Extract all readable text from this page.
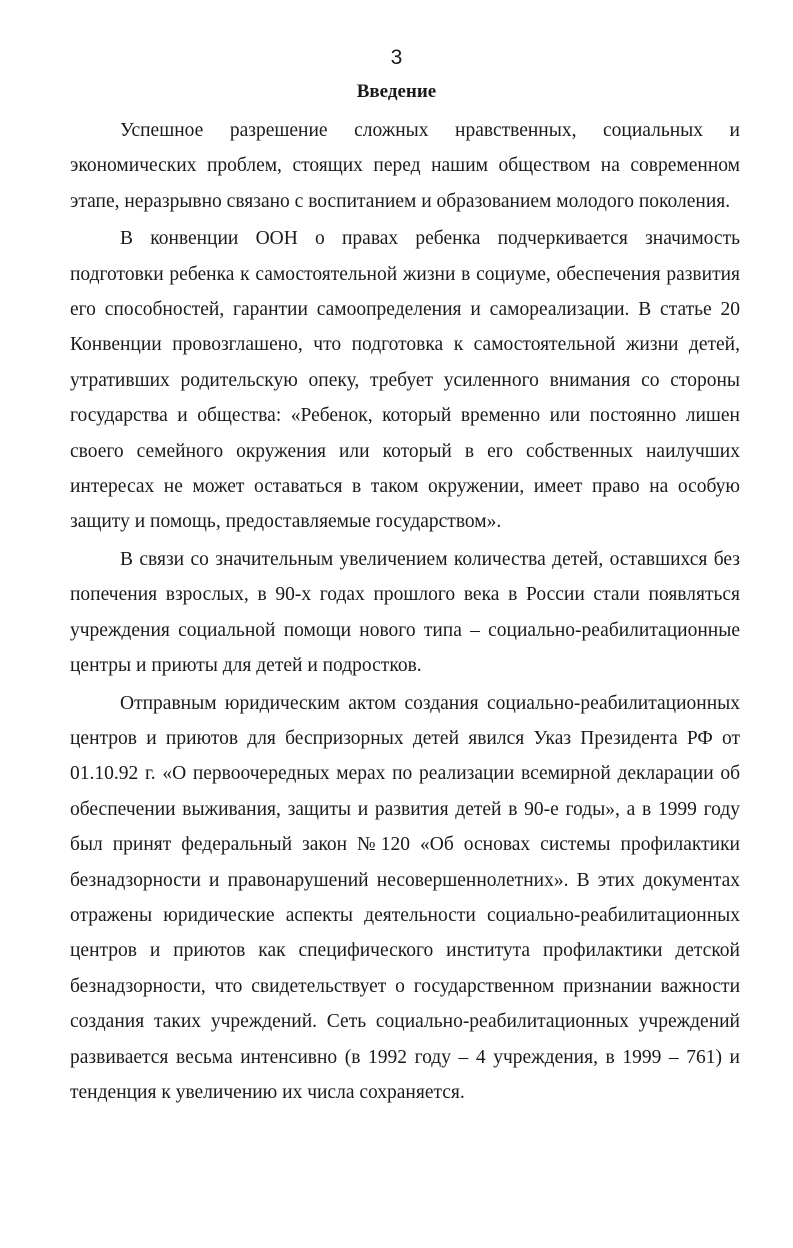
3
Введение

Успешное разрешение сложных нравственных, социальных и экономических проблем, стоящих перед нашим обществом на современном этапе, неразрывно связано с воспитанием и образованием молодого поколения.

В конвенции ООН о правах ребенка подчеркивается значимость подготовки ребенка к самостоятельной жизни в социуме, обеспечения развития его способностей, гарантии самоопределения и самореализации. В статье 20 Конвенции провозглашено, что подготовка к самостоятельной жизни детей, утративших родительскую опеку, требует усиленного внимания со стороны государства и общества: «Ребенок, который временно или постоянно лишен своего семейного окружения или который в его собственных наилучших интересах не может оставаться в таком окружении, имеет право на особую защиту и помощь, предоставляемые государством».

В связи со значительным увеличением количества детей, оставшихся без попечения взрослых, в 90-х годах прошлого века в России стали появляться учреждения социальной помощи нового типа – социально-реабилитационные центры и приюты для детей и подростков.

Отправным юридическим актом создания социально-реабилитационных центров и приютов для беспризорных детей явился Указ Президента РФ от 01.10.92 г. «О первоочередных мерах по реализации всемирной декларации об обеспечении выживания, защиты и развития детей в 90-е годы», а в 1999 году был принят федеральный закон №120 «Об основах системы профилактики безнадзорности и правонарушений несовершеннолетних». В этих документах отражены юридические аспекты деятельности социально-реабилитационных центров и приютов как специфического института профилактики детской безнадзорности, что свидетельствует о государственном признании важности создания таких учреждений. Сеть социально-реабилитационных учреждений развивается весьма интенсивно (в 1992 году – 4 учреждения, в 1999 – 761) и тенденция к увеличению их числа сохраняется.
